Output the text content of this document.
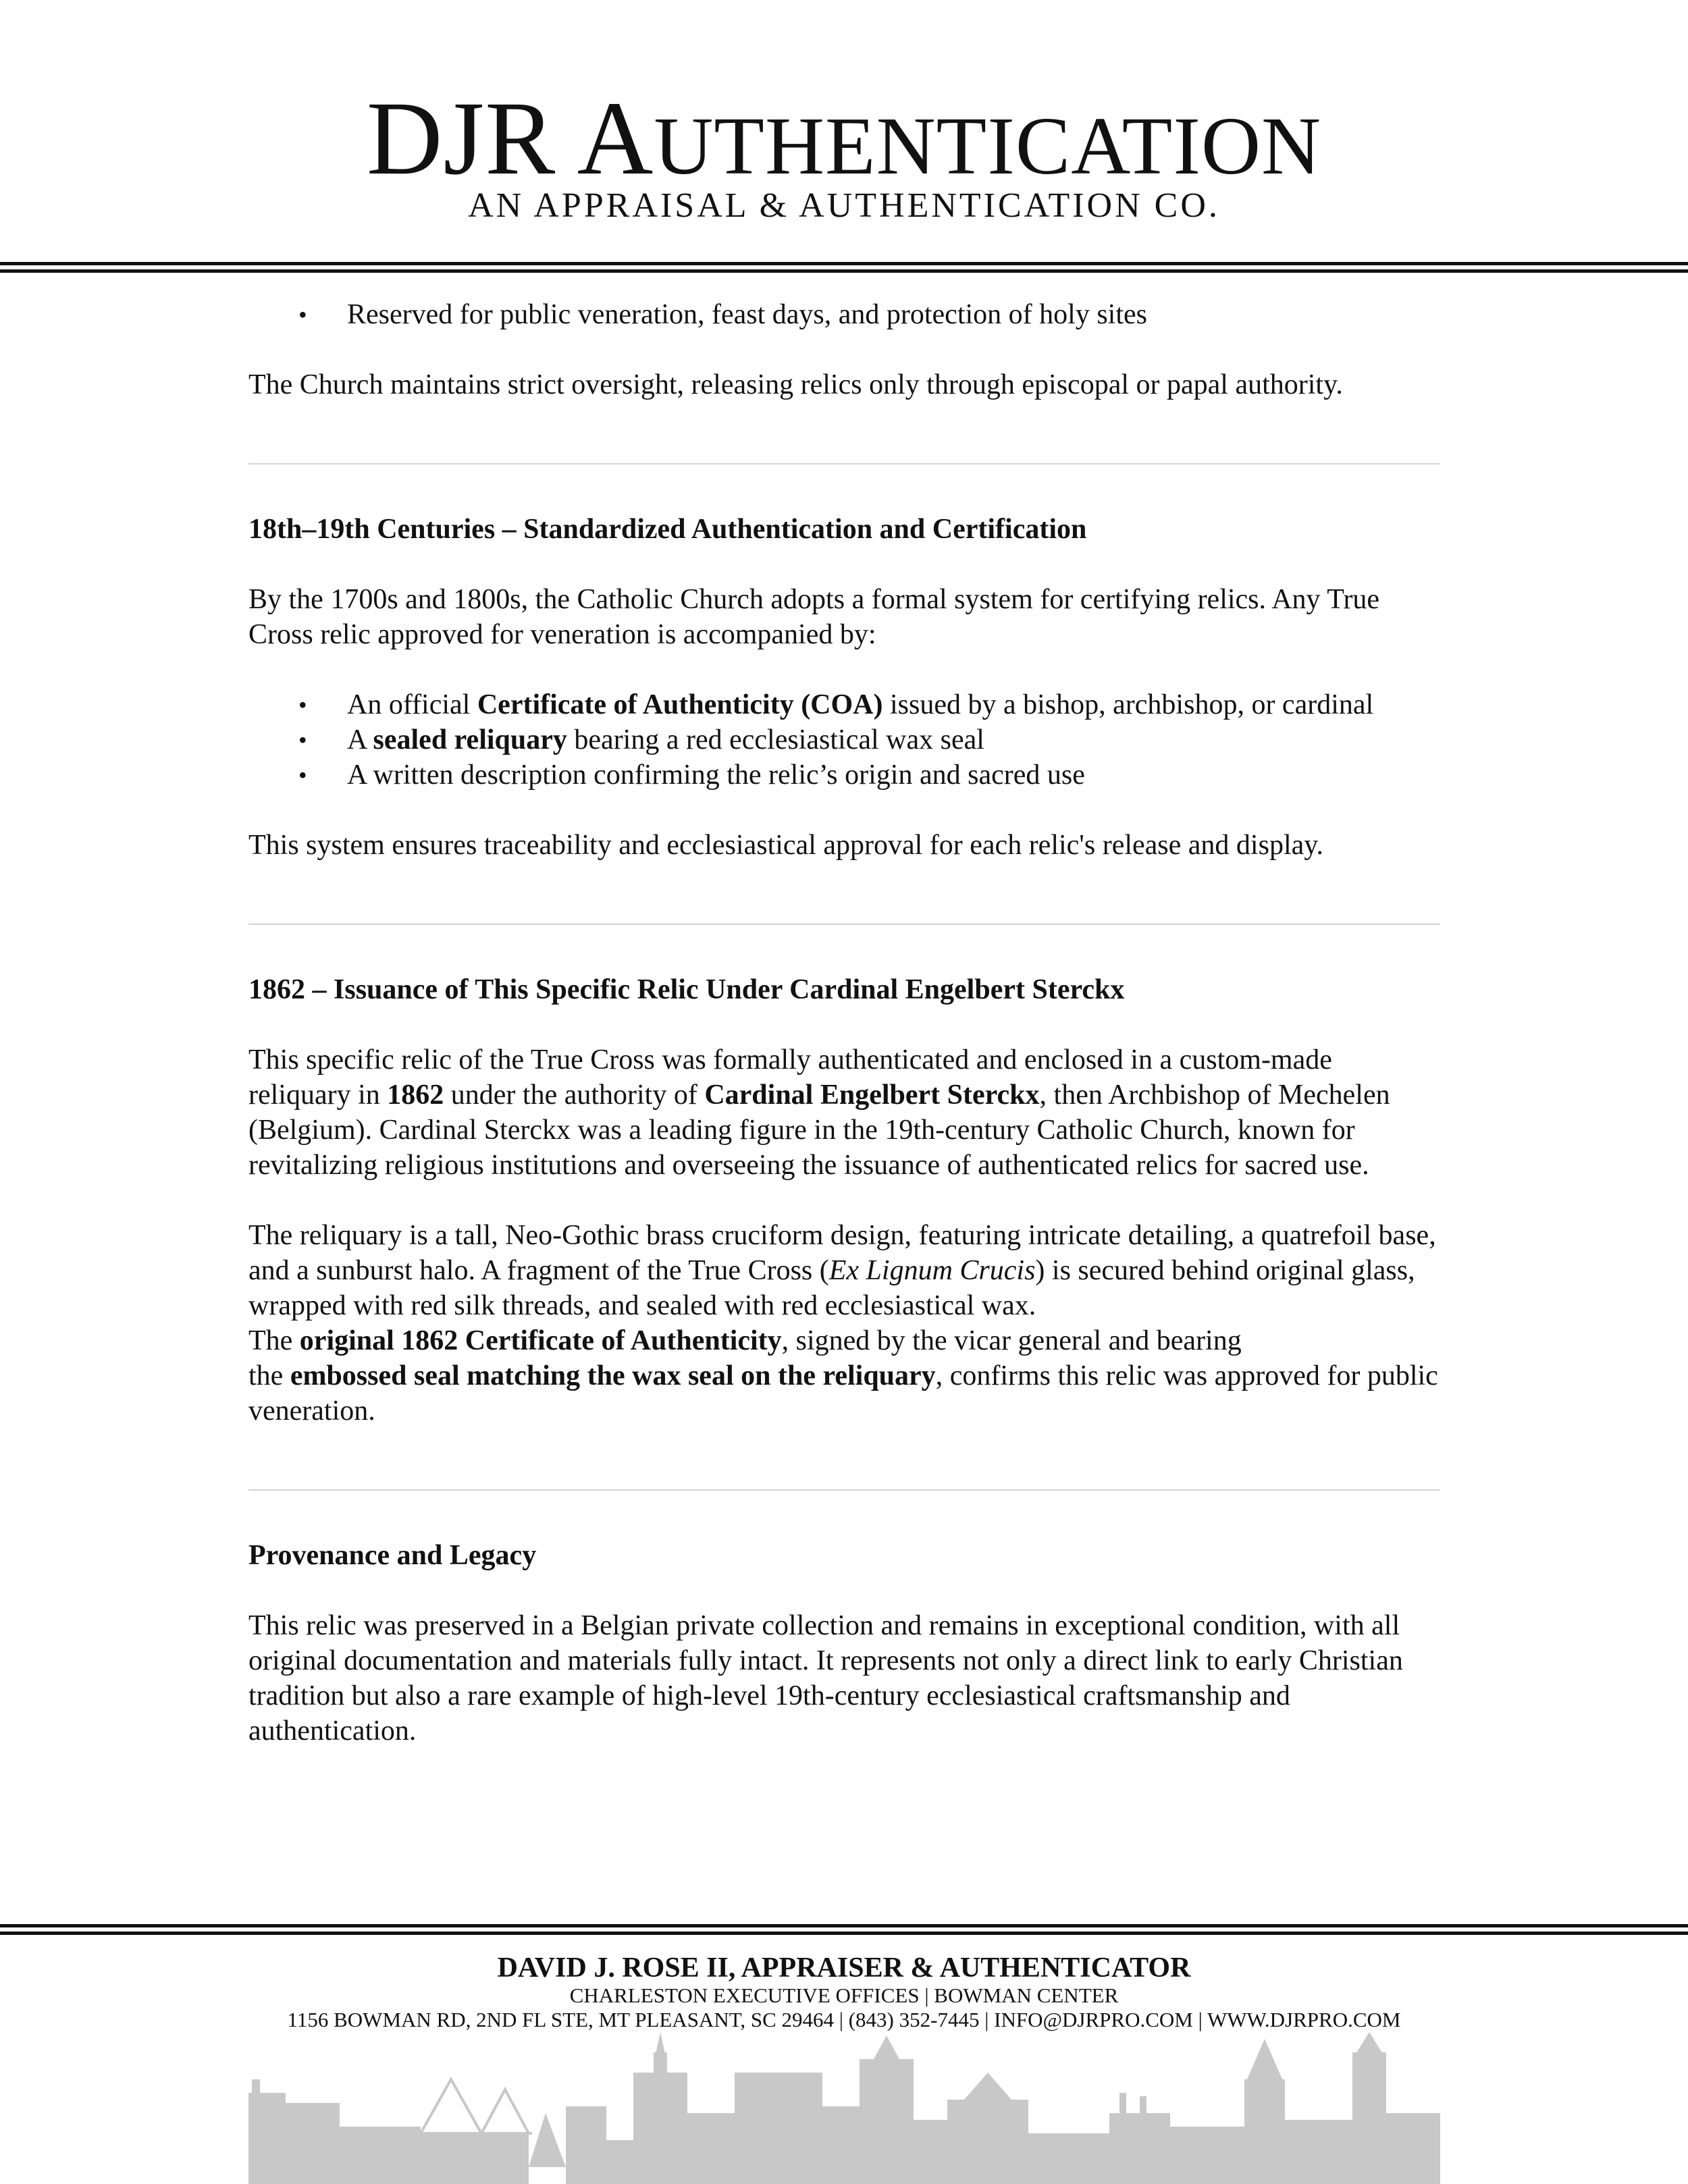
DJR AUTHENTICATION
AN APPRAISAL & AUTHENTICATION CO.
• Reserved for public veneration, feast days, and protection of holy sites

The Church maintains strict oversight, releasing relics only through episcopal or papal authority.

18th–19th Centuries – Standardized Authentication and Certification

By the 1700s and 1800s, the Catholic Church adopts a formal system for certifying relics. Any True Cross relic approved for veneration is accompanied by:

• An official Certificate of Authenticity (COA) issued by a bishop, archbishop, or cardinal
• A sealed reliquary bearing a red ecclesiastical wax seal
• A written description confirming the relic’s origin and sacred use

This system ensures traceability and ecclesiastical approval for each relic's release and display.

1862 – Issuance of This Specific Relic Under Cardinal Engelbert Sterckx

This specific relic of the True Cross was formally authenticated and enclosed in a custom-made reliquary in 1862 under the authority of Cardinal Engelbert Sterckx, then Archbishop of Mechelen (Belgium). Cardinal Sterckx was a leading figure in the 19th-century Catholic Church, known for revitalizing religious institutions and overseeing the issuance of authenticated relics for sacred use.

The reliquary is a tall, Neo-Gothic brass cruciform design, featuring intricate detailing, a quatrefoil base, and a sunburst halo. A fragment of the True Cross (Ex Lignum Crucis) is secured behind original glass, wrapped with red silk threads, and sealed with red ecclesiastical wax.
The original 1862 Certificate of Authenticity, signed by the vicar general and bearing
the embossed seal matching the wax seal on the reliquary, confirms this relic was approved for public veneration.

Provenance and Legacy

This relic was preserved in a Belgian private collection and remains in exceptional condition, with all original documentation and materials fully intact. It represents not only a direct link to early Christian tradition but also a rare example of high-level 19th-century ecclesiastical craftsmanship and authentication.

DAVID J. ROSE II, APPRAISER & AUTHENTICATOR
CHARLESTON EXECUTIVE OFFICES | BOWMAN CENTER
1156 BOWMAN RD, 2ND FL STE, MT PLEASANT, SC 29464 | (843) 352-7445 | INFO@DJRPRO.COM | WWW.DJRPRO.COM
